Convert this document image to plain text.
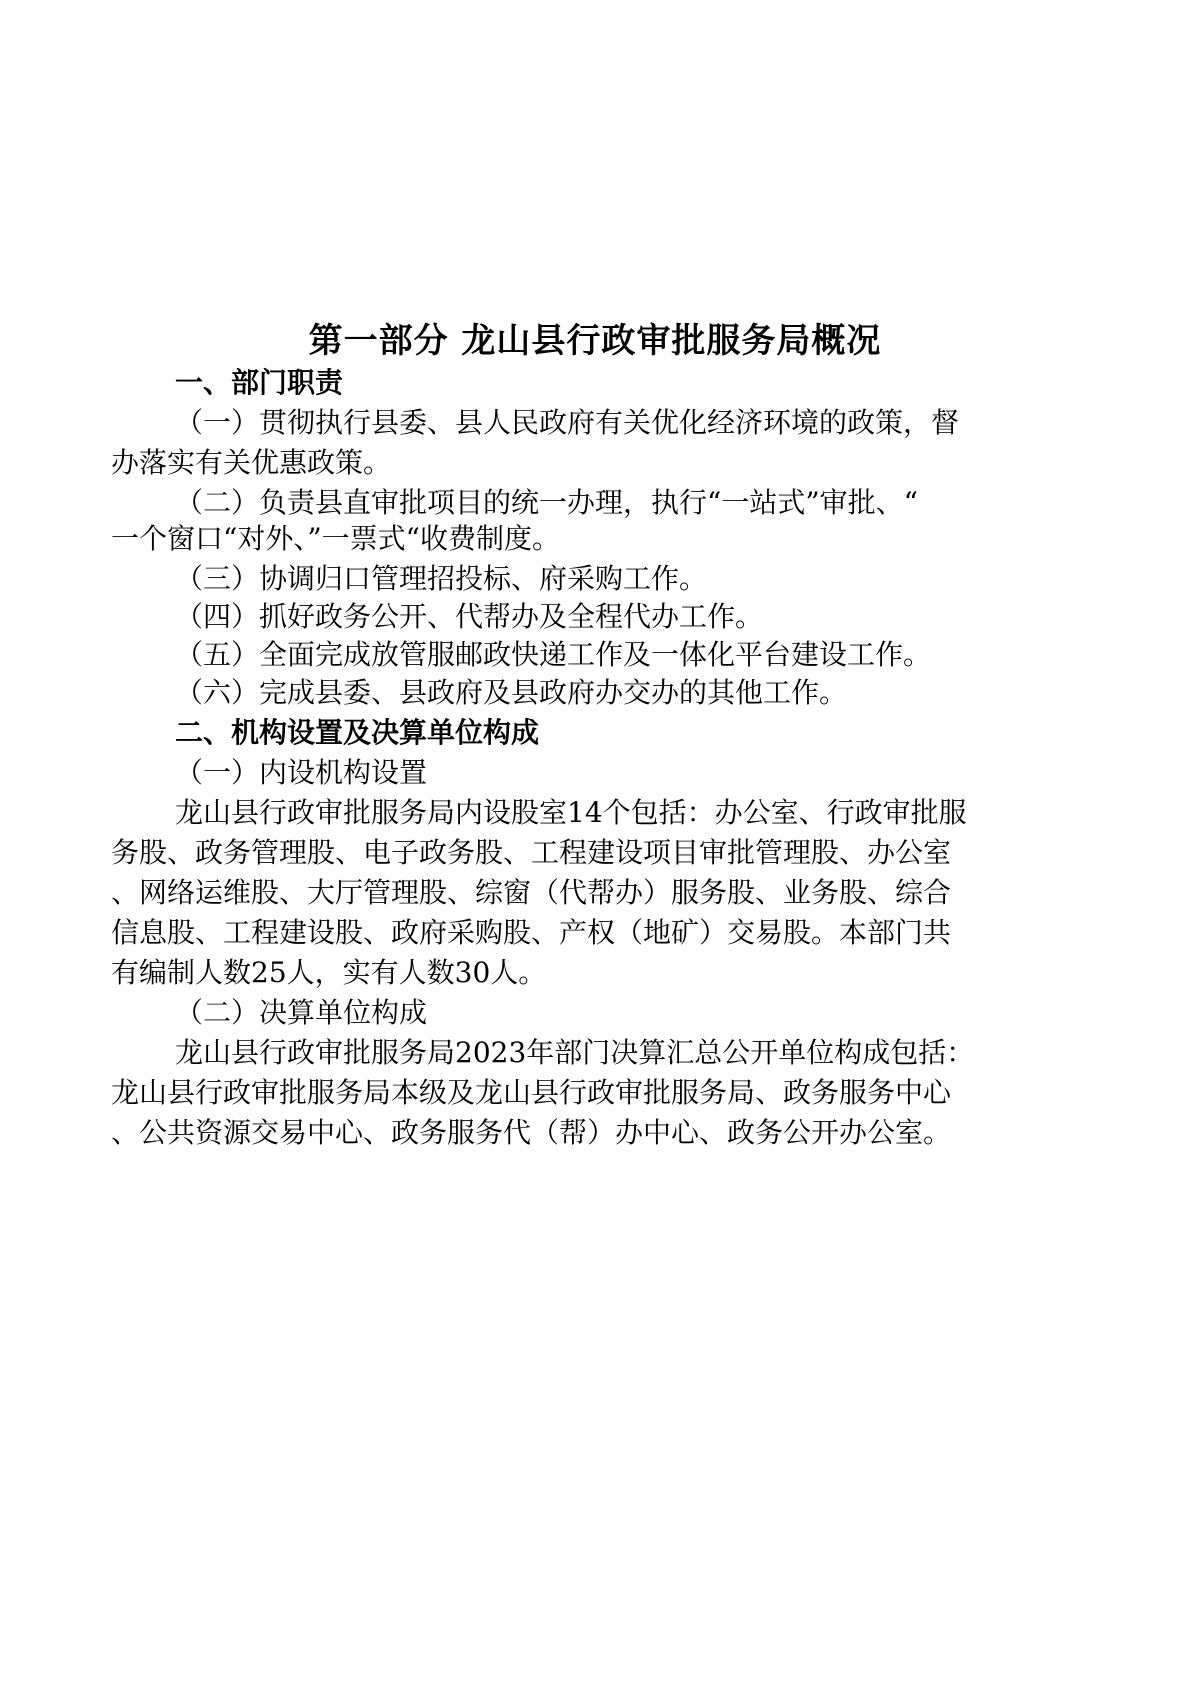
第一部分 龙山县行政审批服务局概况
一、部门职责
（一）贯彻执行县委、县人民政府有关优化经济环境的政策，督
办落实有关优惠政策。
（二）负责县直审批项目的统一办理，执行“一站式”审批、“
一个窗口“对外、”一票式“收费制度。
（三）协调归口管理招投标、府采购工作。
（四）抓好政务公开、代帮办及全程代办工作。
（五）全面完成放管服邮政快递工作及一体化平台建设工作。
（六）完成县委、县政府及县政府办交办的其他工作。
二、机构设置及决算单位构成
（一）内设机构设置
龙山县行政审批服务局内设股室14个包括：办公室、行政审批服
务股、政务管理股、电子政务股、工程建设项目审批管理股、办公室
、网络运维股、大厅管理股、综窗（代帮办）服务股、业务股、综合
信息股、工程建设股、政府采购股、产权（地矿）交易股。本部门共
有编制人数25人，实有人数30人。
（二）决算单位构成
龙山县行政审批服务局2023年部门决算汇总公开单位构成包括：
龙山县行政审批服务局本级及龙山县行政审批服务局、政务服务中心
、公共资源交易中心、政务服务代（帮）办中心、政务公开办公室。
